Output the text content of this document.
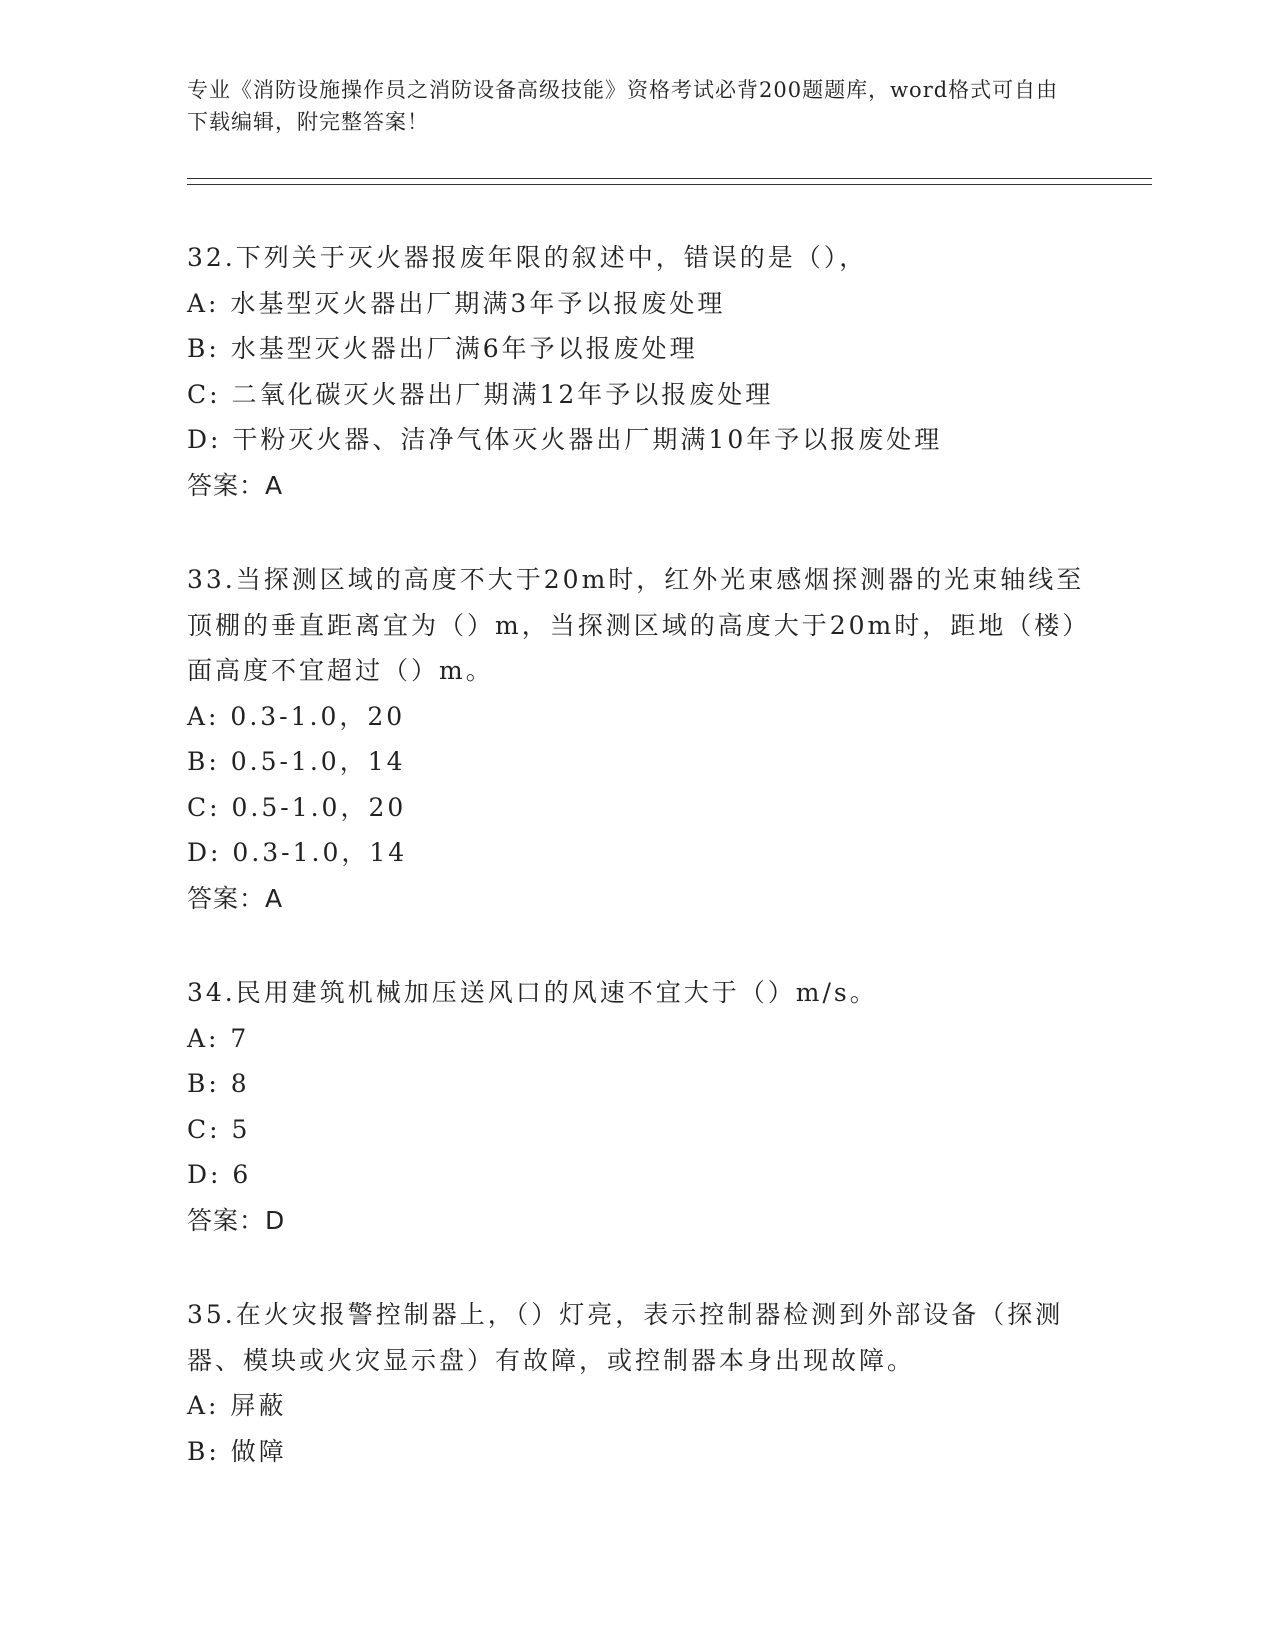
专业《消防设施操作员之消防设备高级技能》资格考试必背200题题库，word格式可自由下载编辑，附完整答案！
32.下列关于灭火器报废年限的叙述中，错误的是（），
A: 水基型灭火器出厂期满3年予以报废处理
B: 水基型灭火器出厂满6年予以报废处理
C: 二氧化碳灭火器出厂期满12年予以报废处理
D: 干粉灭火器、洁净气体灭火器出厂期满10年予以报废处理
答案：A
33.当探测区域的高度不大于20m时，红外光束感烟探测器的光束轴线至顶棚的垂直距离宜为（）m，当探测区域的高度大于20m时，距地（楼）面高度不宜超过（）m。
A: 0.3-1.0，20
B: 0.5-1.0，14
C: 0.5-1.0，20
D: 0.3-1.0，14
答案：A
34.民用建筑机械加压送风口的风速不宜大于（）m/s。
A: 7
B: 8
C: 5
D: 6
答案：D
35.在火灾报警控制器上，（）灯亮，表示控制器检测到外部设备（探测器、模块或火灾显示盘）有故障，或控制器本身出现故障。
A: 屏蔽
B: 做障
